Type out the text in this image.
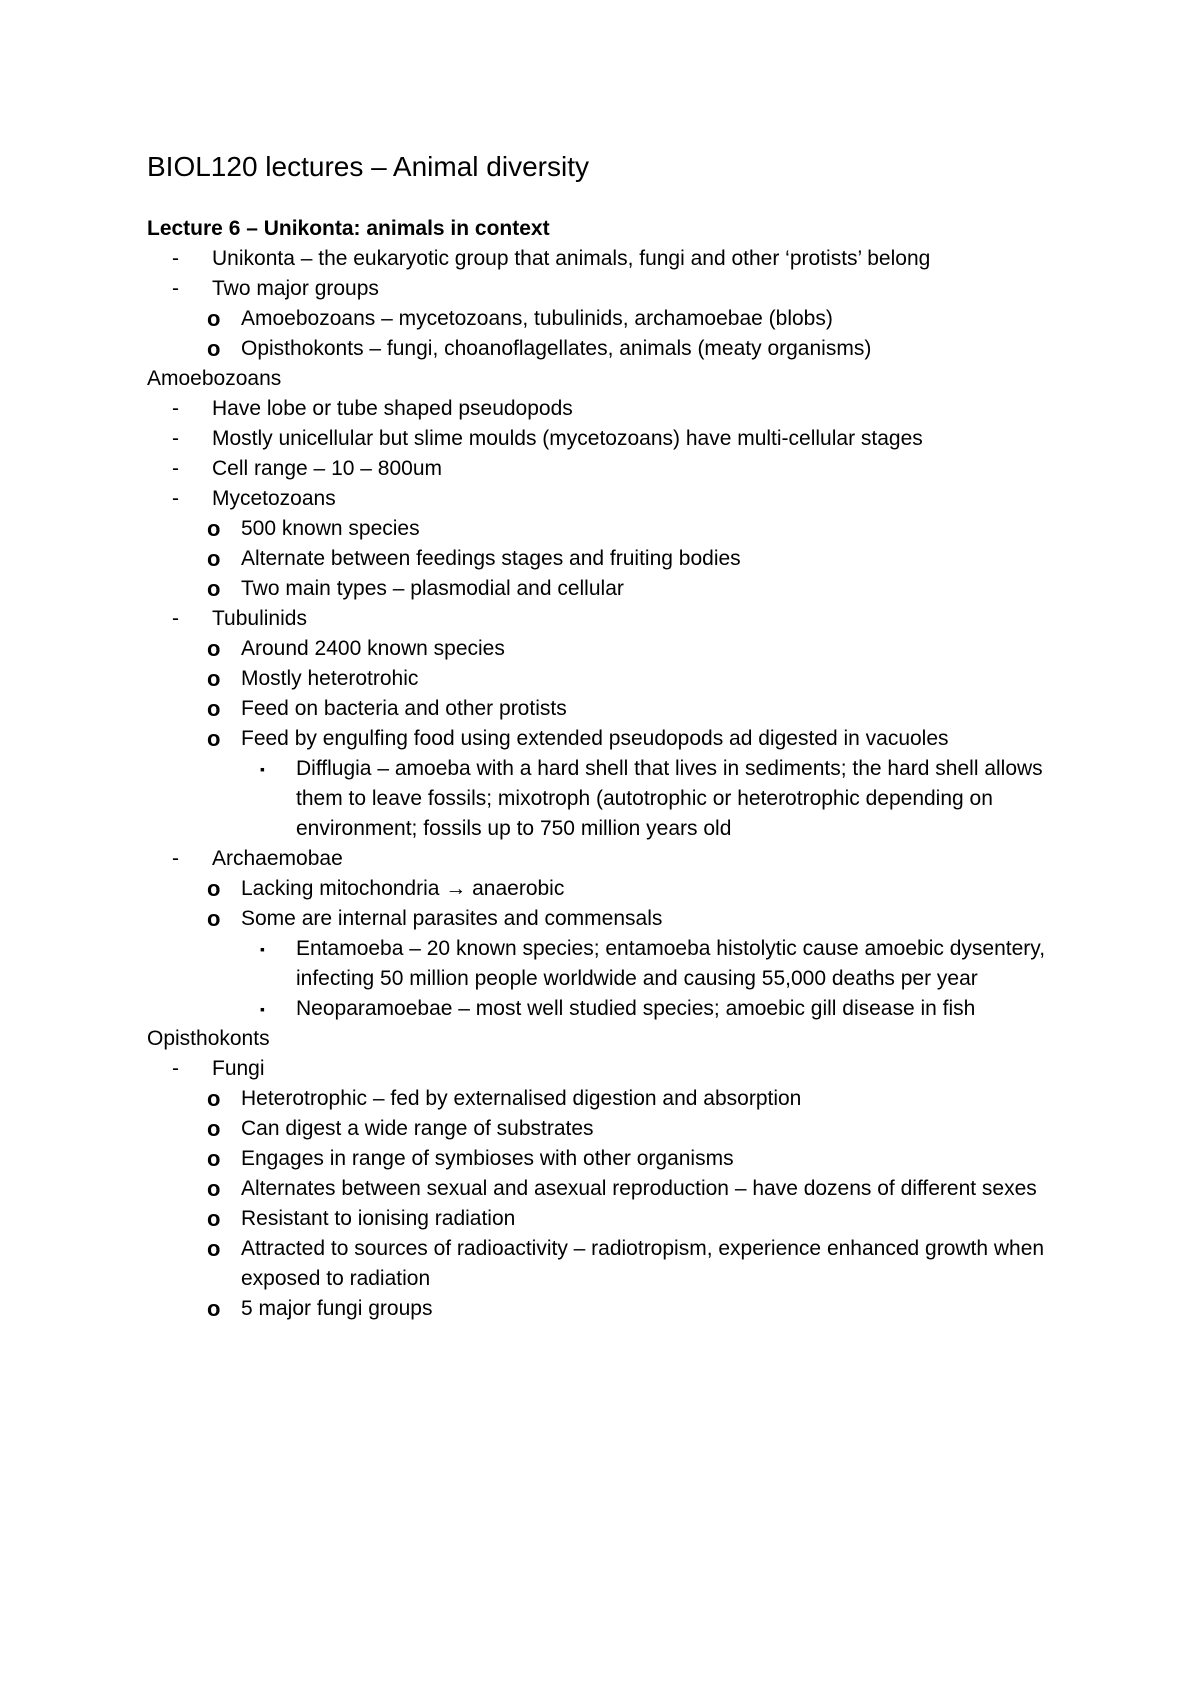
BIOL120 lectures – Animal diversity
Lecture 6 – Unikonta: animals in context
- Unikonta – the eukaryotic group that animals, fungi and other ‘protists’ belong
- Two major groups
o Amoebozoans – mycetozoans, tubulinids, archamoebae (blobs)
o Opisthokonts – fungi, choanoflagellates, animals (meaty organisms)
Amoebozoans
- Have lobe or tube shaped pseudopods
- Mostly unicellular but slime moulds (mycetozoans) have multi-cellular stages
- Cell range – 10 – 800um
- Mycetozoans
o 500 known species
o Alternate between feedings stages and fruiting bodies
o Two main types – plasmodial and cellular
- Tubulinids
o Around 2400 known species
o Mostly heterotrohic
o Feed on bacteria and other protists
o Feed by engulfing food using extended pseudopods ad digested in vacuoles
▪ Difflugia – amoeba with a hard shell that lives in sediments; the hard shell allows them to leave fossils; mixotroph (autotrophic or heterotrophic depending on environment; fossils up to 750 million years old
- Archaemobae
o Lacking mitochondria → anaerobic
o Some are internal parasites and commensals
▪ Entamoeba – 20 known species; entamoeba histolytic cause amoebic dysentery, infecting 50 million people worldwide and causing 55,000 deaths per year
▪ Neoparamoebae – most well studied species; amoebic gill disease in fish
Opisthokonts
- Fungi
o Heterotrophic – fed by externalised digestion and absorption
o Can digest a wide range of substrates
o Engages in range of symbioses with other organisms
o Alternates between sexual and asexual reproduction – have dozens of different sexes
o Resistant to ionising radiation
o Attracted to sources of radioactivity – radiotropism, experience enhanced growth when exposed to radiation
o 5 major fungi groups
